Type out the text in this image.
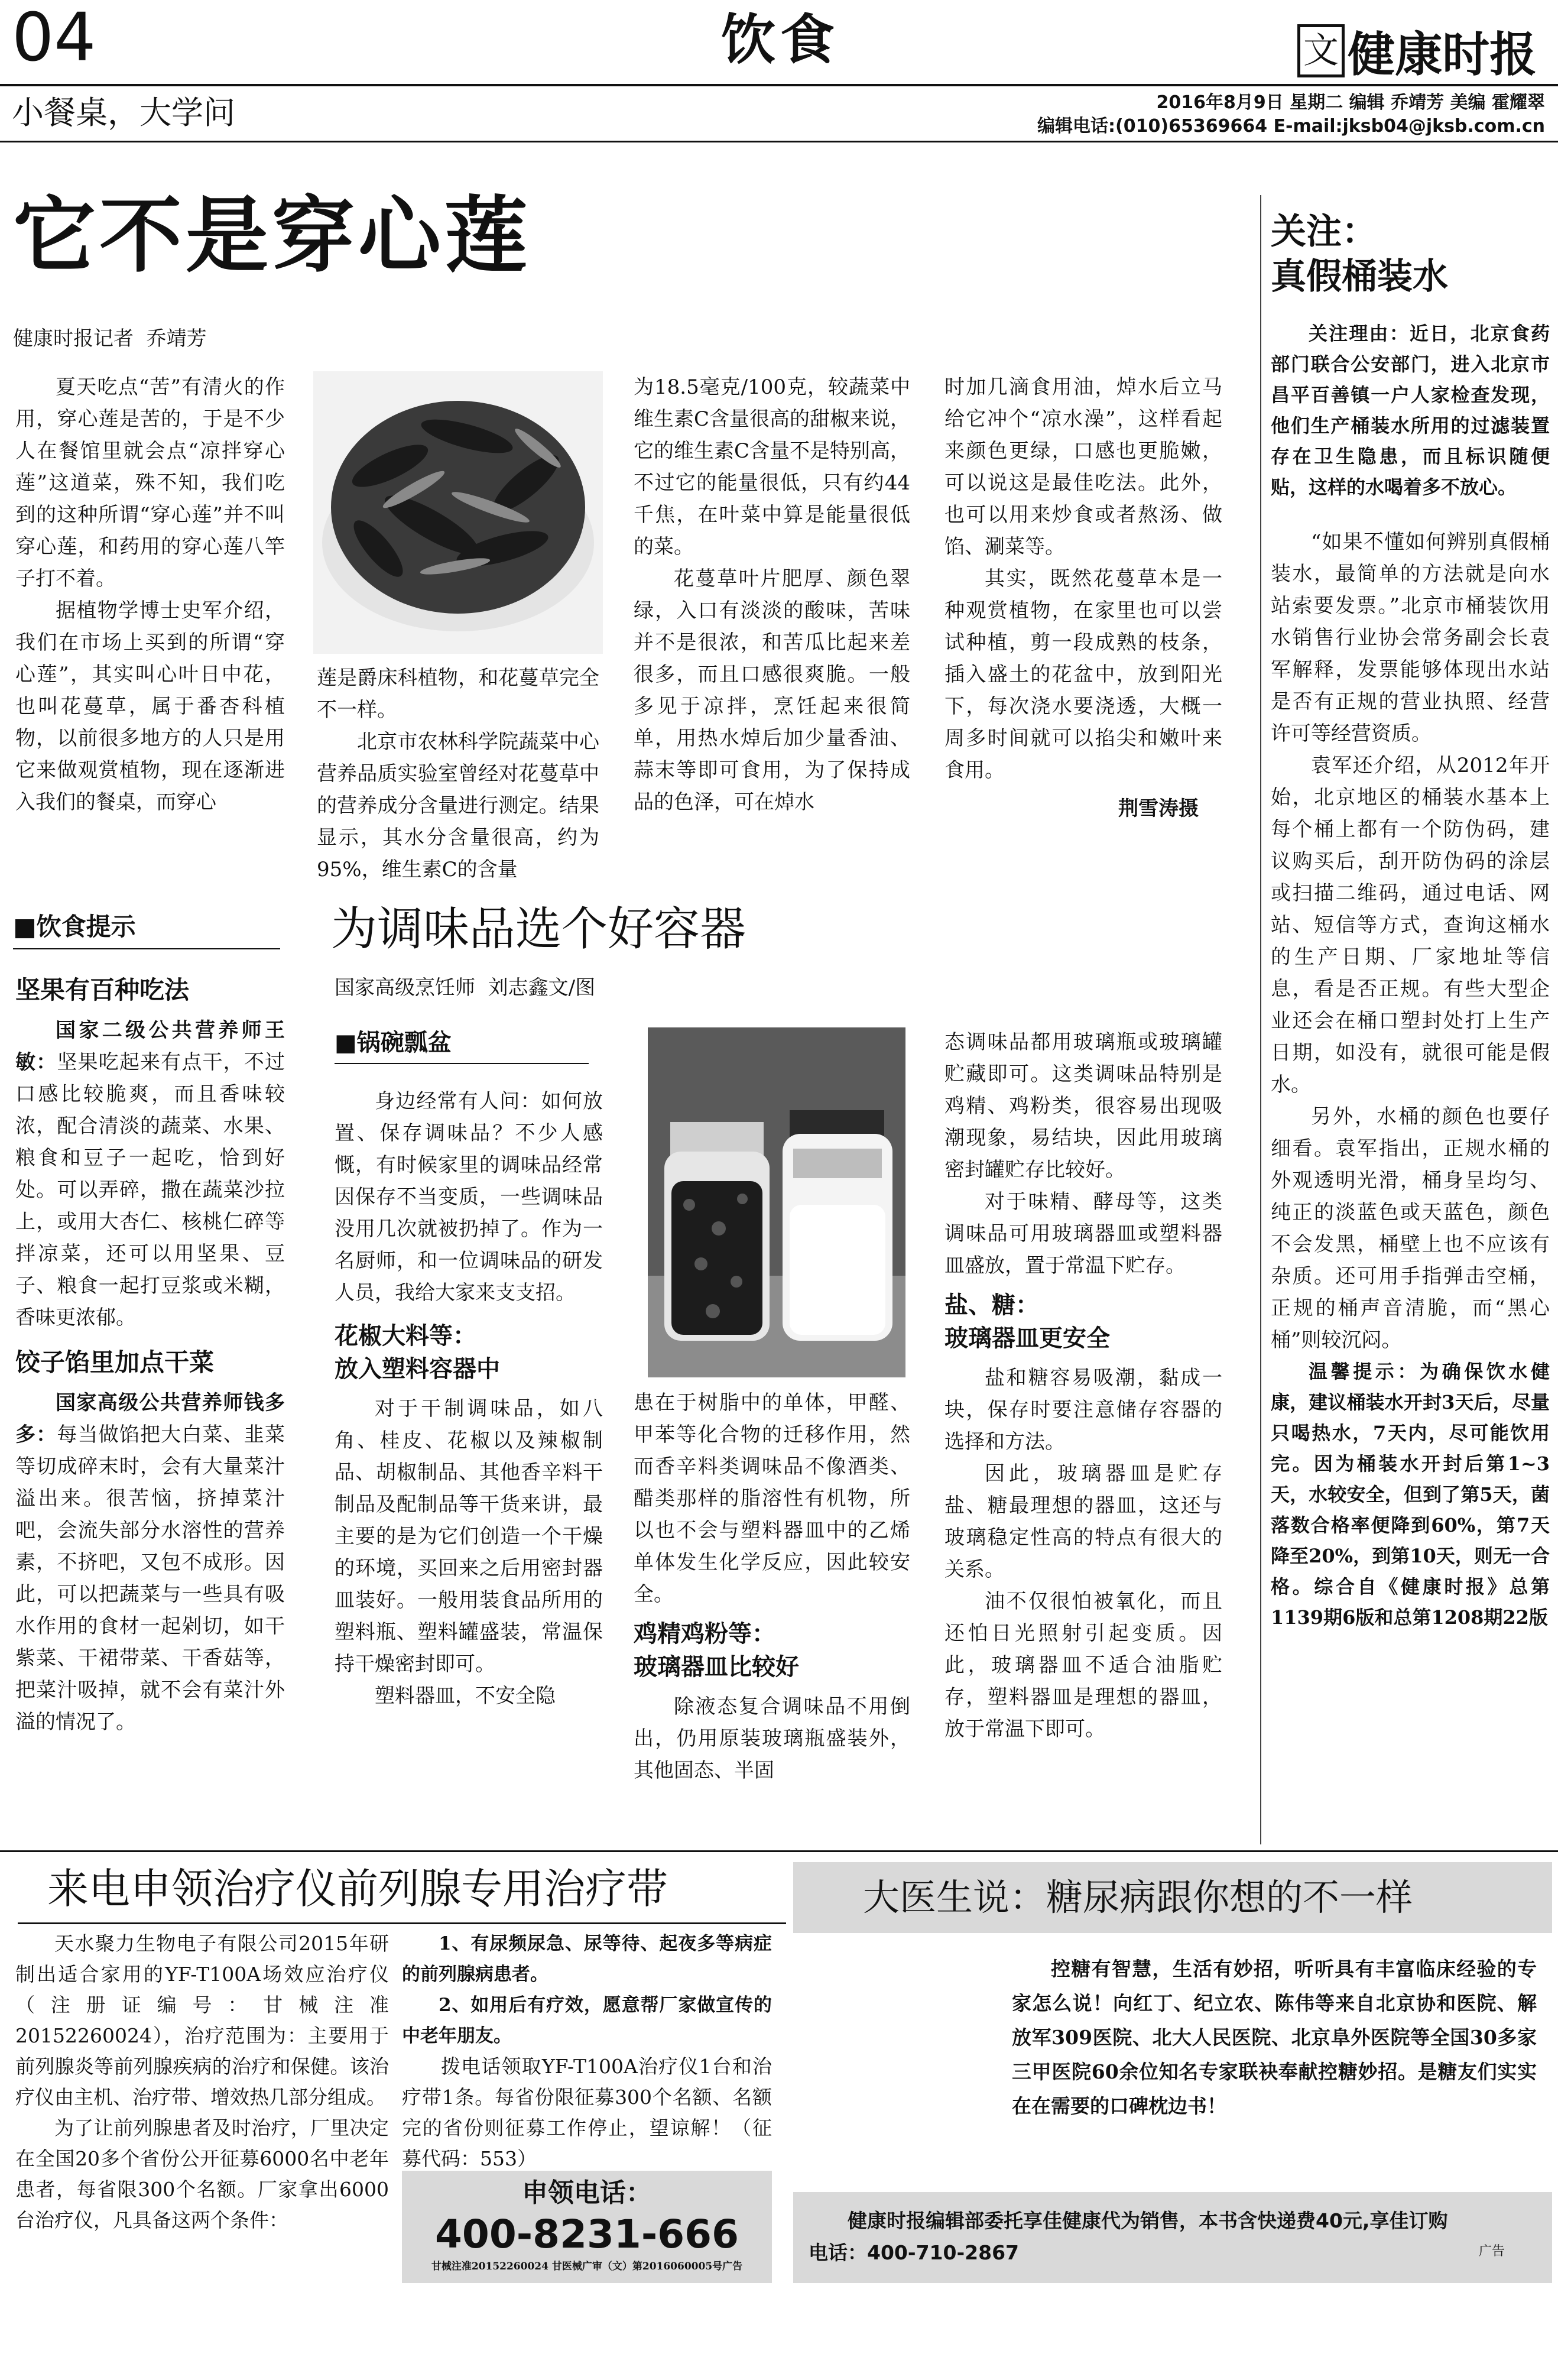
04	饮食	文 健康时报
小餐桌，大学问	2016年8月9日 星期二 编辑 乔靖芳 美编 霍耀翠
编辑电话:(010)65369664 E-mail:jksb04@jksb.com.cn
它不是穿心莲
健康时报记者  乔靖芳

夏天吃点“苦”有清火的作用，穿心莲是苦的，于是不少人在餐馆里就会点“凉拌穿心莲”这道菜，殊不知，我们吃到的这种所谓“穿心莲”并不叫穿心莲，和药用的穿心莲八竿子打不着。

据植物学博士史军介绍，我们在市场上买到的所谓“穿心莲”，其实叫心叶日中花，也叫花蔓草，属于番杏科植物，以前很多地方的人只是用它来做观赏植物，现在逐渐进入我们的餐桌，而穿心

莲是爵床科植物，和花蔓草完全不一样。

北京市农林科学院蔬菜中心营养品质实验室曾经对花蔓草中的营养成分含量进行测定。结果显示，其水分含量很高，约为95%，维生素C的含量

为18.5毫克/100克，较蔬菜中维生素C含量很高的甜椒来说，它的维生素C含量不是特别高，不过它的能量很低，只有约44千焦，在叶菜中算是能量很低的菜。

花蔓草叶片肥厚、颜色翠绿，入口有淡淡的酸味，苦味并不是很浓，和苦瓜比起来差很多，而且口感很爽脆。一般多见于凉拌，烹饪起来很简单，用热水焯后加少量香油、蒜末等即可食用，为了保持成品的色泽，可在焯水

时加几滴食用油，焯水后立马给它冲个“凉水澡”，这样看起来颜色更绿，口感也更脆嫩，可以说这是最佳吃法。此外，也可以用来炒食或者熬汤、做馅、涮菜等。

其实，既然花蔓草本是一种观赏植物，在家里也可以尝试种植，剪一段成熟的枝条，插入盛土的花盆中，放到阳光下，每次浇水要浇透，大概一周多时间就可以掐尖和嫩叶来食用。

荆雪涛摄
关注：
真假桶装水

关注理由：近日，北京食药部门联合公安部门，进入北京市昌平百善镇一户人家检查发现，他们生产桶装水所用的过滤装置存在卫生隐患，而且标识随便贴，这样的水喝着多不放心。

“如果不懂如何辨别真假桶装水，最简单的方法就是向水站索要发票。”北京市桶装饮用水销售行业协会常务副会长袁军解释，发票能够体现出水站是否有正规的营业执照、经营许可等经营资质。

袁军还介绍，从2012年开始，北京地区的桶装水基本上每个桶上都有一个防伪码，建议购买后，刮开防伪码的涂层或扫描二维码，通过电话、网站、短信等方式，查询这桶水的生产日期、厂家地址等信息，看是否正规。有些大型企业还会在桶口塑封处打上生产日期，如没有，就很可能是假水。

另外，水桶的颜色也要仔细看。袁军指出，正规水桶的外观透明光滑，桶身呈均匀、纯正的淡蓝色或天蓝色，颜色不会发黑，桶壁上也不应该有杂质。还可用手指弹击空桶，正规的桶声音清脆，而“黑心桶”则较沉闷。

温馨提示：为确保饮水健康，建议桶装水开封3天后，尽量只喝热水，7天内，尽可能饮用完。因为桶装水开封后第1~3天，水较安全，但到了第5天，菌落数合格率便降到60%，第7天降至20%，到第10天，则无一合格。综合自《健康时报》总第1139期6版和总第1208期22版

■饮食提示
坚果有百种吃法

国家二级公共营养师王敏：坚果吃起来有点干，不过口感比较脆爽，而且香味较浓，配合清淡的蔬菜、水果、粮食和豆子一起吃，恰到好处。可以弄碎，撒在蔬菜沙拉上，或用大杏仁、核桃仁碎等拌凉菜，还可以用坚果、豆子、粮食一起打豆浆或米糊，香味更浓郁。

饺子馅里加点干菜

国家高级公共营养师钱多多：每当做馅把大白菜、韭菜等切成碎末时，会有大量菜汁溢出来。很苦恼，挤掉菜汁吧，会流失部分水溶性的营养素，不挤吧，又包不成形。因此，可以把蔬菜与一些具有吸水作用的食材一起剁切，如干紫菜、干裙带菜、干香菇等，把菜汁吸掉，就不会有菜汁外溢的情况了。

为调味品选个好容器
国家高级烹饪师  刘志鑫文/图
■锅碗瓢盆

身边经常有人问：如何放置、保存调味品？不少人感慨，有时候家里的调味品经常因保存不当变质，一些调味品没用几次就被扔掉了。作为一名厨师，和一位调味品的研发人员，我给大家来支支招。

花椒大料等：
放入塑料容器中

对于干制调味品，如八角、桂皮、花椒以及辣椒制品、胡椒制品、其他香辛料干制品及配制品等干货来讲，最主要的是为它们创造一个干燥的环境，买回来之后用密封器皿装好。一般用装食品所用的塑料瓶、塑料罐盛装，常温保持干燥密封即可。

塑料器皿，不安全隐

患在于树脂中的单体，甲醛、甲苯等化合物的迁移作用，然而香辛料类调味品不像酒类、醋类那样的脂溶性有机物，所以也不会与塑料器皿中的乙烯单体发生化学反应，因此较安全。

鸡精鸡粉等：
玻璃器皿比较好

除液态复合调味品不用倒出，仍用原装玻璃瓶盛装外，其他固态、半固

态调味品都用玻璃瓶或玻璃罐贮藏即可。这类调味品特别是鸡精、鸡粉类，很容易出现吸潮现象，易结块，因此用玻璃密封罐贮存比较好。

对于味精、酵母等，这类调味品可用玻璃器皿或塑料器皿盛放，置于常温下贮存。

盐、糖：
玻璃器皿更安全

盐和糖容易吸潮，黏成一块，保存时要注意储存容器的选择和方法。

因此，玻璃器皿是贮存盐、糖最理想的器皿，这还与玻璃稳定性高的特点有很大的关系。

油不仅很怕被氧化，而且还怕日光照射引起变质。因此，玻璃器皿不适合油脂贮存，塑料器皿是理想的器皿，放于常温下即可。

来电申领治疗仪前列腺专用治疗带

天水聚力生物电子有限公司2015年研制出适合家用的YF-T100A场效应治疗仪（注册证编号：甘械注准20152260024），治疗范围为：主要用于前列腺炎等前列腺疾病的治疗和保健。该治疗仪由主机、治疗带、增效热几部分组成。

为了让前列腺患者及时治疗，厂里决定在全国20多个省份公开征募6000名中老年患者，每省限300个名额。厂家拿出6000台治疗仪，凡具备这两个条件：

1、有尿频尿急、尿等待、起夜多等病症的前列腺病患者。

2、如用后有疗效，愿意帮厂家做宣传的中老年朋友。

拨电话领取YF-T100A治疗仪1台和治疗带1条。每省份限征募300个名额、名额完的省份则征募工作停止，望谅解！（征募代码：553）

申领电话：
400-8231-666
甘械注准20152260024 甘医械广审（文）第2016060005号广告
大医生说：糖尿病跟你想的不一样

控糖有智慧，生活有妙招，听听具有丰富临床经验的专家怎么说！向红丁、纪立农、陈伟等来自北京协和医院、解放军309医院、北大人民医院、北京阜外医院等全国30多家三甲医院60余位知名专家联袂奉献控糖妙招。是糖友们实实在在需要的口碑枕边书！

健康时报编辑部委托享佳健康代为销售，本书含快递费40元,享佳订购电话：400-710-2867	广告
